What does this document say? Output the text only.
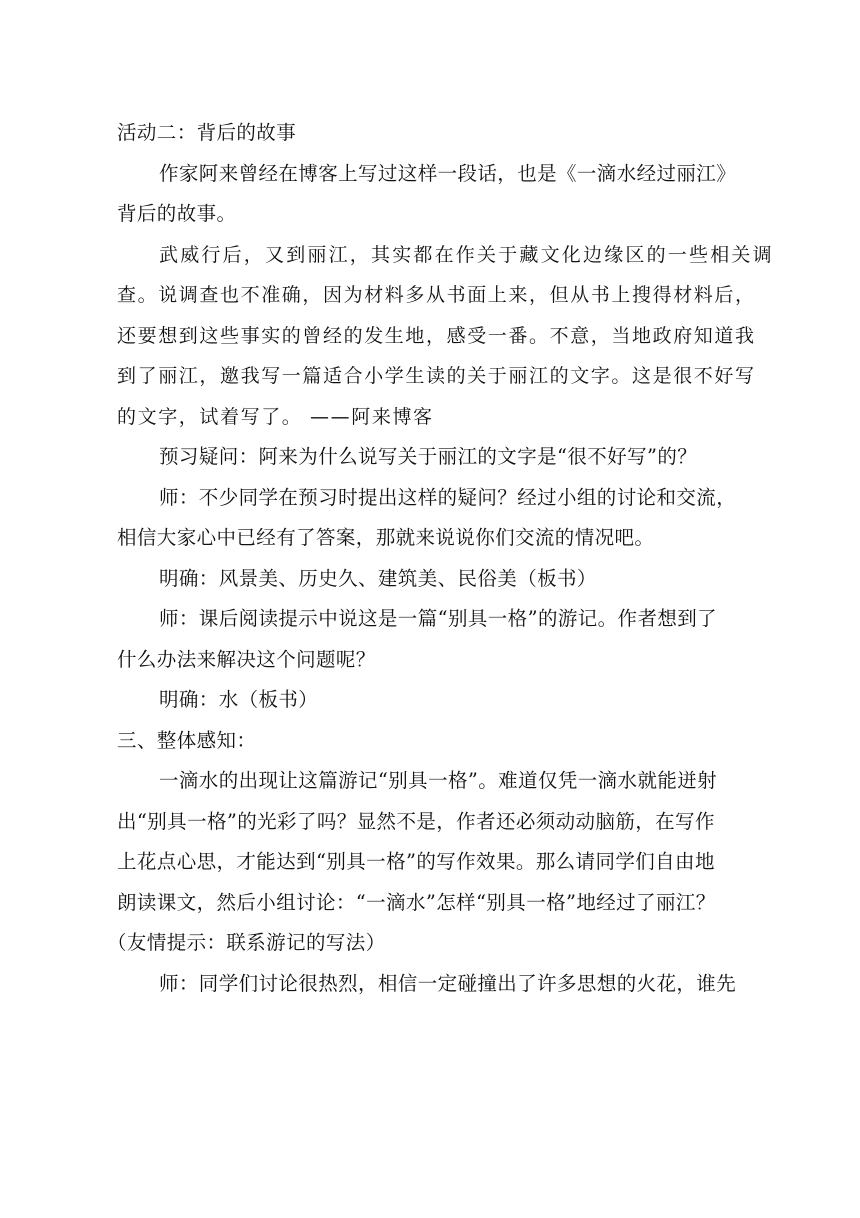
活动二：背后的故事
作家阿来曾经在博客上写过这样一段话，也是《一滴水经过丽江》
背后的故事。
武威行后，又到丽江，其实都在作关于藏文化边缘区的一些相关调
查。说调查也不准确，因为材料多从书面上来，但从书上搜得材料后，
还要想到这些事实的曾经的发生地，感受一番。不意，当地政府知道我
到了丽江，邀我写一篇适合小学生读的关于丽江的文字。这是很不好写
的文字，试着写了。 ——阿来博客
预习疑问：阿来为什么说写关于丽江的文字是“很不好写”的？
师：不少同学在预习时提出这样的疑问？经过小组的讨论和交流，
相信大家心中已经有了答案，那就来说说你们交流的情况吧。
明确：风景美、历史久、建筑美、民俗美（板书）
师：课后阅读提示中说这是一篇“别具一格”的游记。作者想到了
什么办法来解决这个问题呢？
明确：水（板书）
三、整体感知：
一滴水的出现让这篇游记“别具一格”。难道仅凭一滴水就能迸射
出“别具一格”的光彩了吗？显然不是，作者还必须动动脑筋，在写作
上花点心思，才能达到“别具一格”的写作效果。那么请同学们自由地
朗读课文，然后小组讨论：“一滴水”怎样“别具一格”地经过了丽江？
（友情提示：联系游记的写法）
师：同学们讨论很热烈，相信一定碰撞出了许多思想的火花，谁先
